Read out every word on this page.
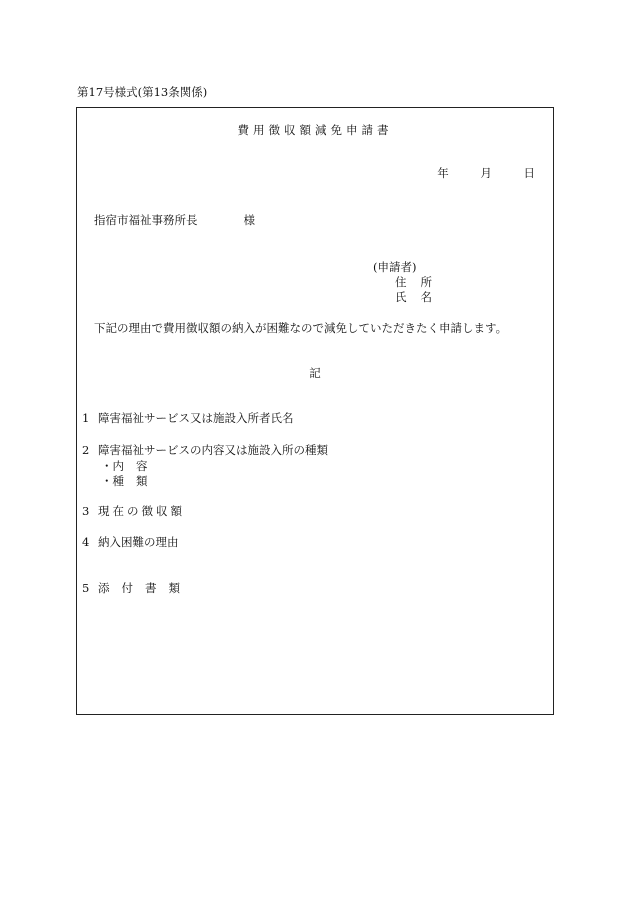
第17号様式(第13条関係)
費用徴収額減免申請書
年	月	日
指宿市福祉事務所長	様
(申請者)
住 所
氏 名
下記の理由で費用徴収額の納入が困難なので減免していただきたく申請します。
記
1 障害福祉サービス又は施設入所者氏名
2 障害福祉サービスの内容又は施設入所の種類
・内 容
・種 類
3 現在の徴収額
4 納入困難の理由
5 添付書類
